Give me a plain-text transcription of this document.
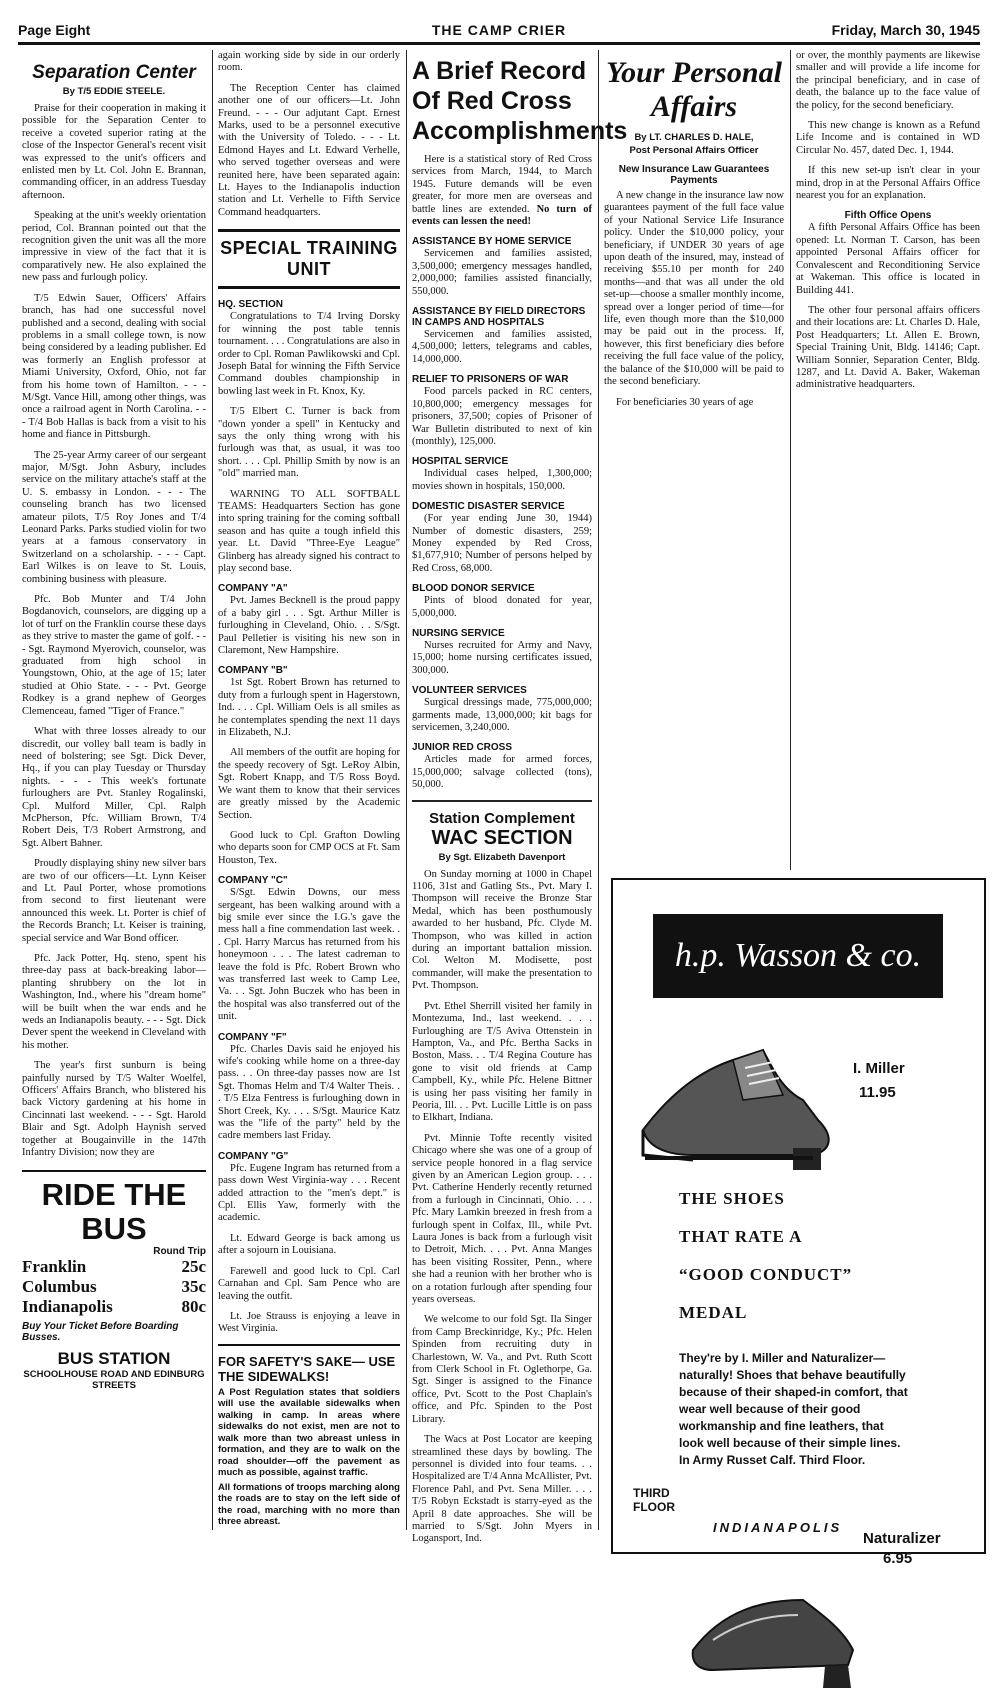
Page Eight	THE CAMP CRIER	Friday, March 30, 1945
Separation Center
By T/5 EDDIE STEELE.

Praise for their cooperation in making it possible for the Separation Center to receive a coveted superior rating at the close of the Inspector General's recent visit was expressed to the unit's officers and enlisted men by Lt. Col. John E. Brannan, commanding officer, in an address Tuesday afternoon.

Speaking at the unit's weekly orientation period, Col. Brannan pointed out that the recognition given the unit was all the more impressive in view of the fact that it is comparatively new. He also explained the new pass and furlough policy.

T/5 Edwin Sauer, Officers' Affairs branch, has had one successful novel published and a second, dealing with social problems in a small college town, is now being considered by a leading publisher. Ed was formerly an English professor at Miami University, Oxford, Ohio, not far from his home town of Hamilton. - - - M/Sgt. Vance Hill, among other things, was once a railroad agent in North Carolina. - - - T/4 Bob Hallas is back from a visit to his home and fiance in Pittsburgh.

The 25-year Army career of our sergeant major, M/Sgt. John Asbury, includes service on the military attache's staff at the U. S. embassy in London. - - - The counseling branch has two licensed amateur pilots, T/5 Roy Jones and T/4 Leonard Parks. Parks studied violin for two years at a famous conservatory in Switzerland on a scholarship. - - - Capt. Earl Wilkes is on leave to St. Louis, combining business with pleasure.

Pfc. Bob Munter and T/4 John Bogdanovich, counselors, are digging up a lot of turf on the Franklin course these days as they strive to master the game of golf. - - - Sgt. Raymond Myerovich, counselor, was graduated from high school in Youngstown, Ohio, at the age of 15; later studied at Ohio State. - - - Pvt. George Rodkey is a grand nephew of Georges Clemenceau, famed "Tiger of France."

What with three losses already to our discredit, our volley ball team is badly in need of bolstering; see Sgt. Dick Dever, Hq., if you can play Tuesday or Thursday nights. - - - This week's fortunate furloughers are Pvt. Stanley Rogalinski, Cpl. Mulford Miller, Cpl. Ralph McPherson, Pfc. William Brown, T/4 Robert Deis, T/3 Robert Armstrong, and Sgt. Albert Bahner.

Proudly displaying shiny new silver bars are two of our officers—Lt. Lynn Keiser and Lt. Paul Porter, whose promotions from second to first lieutenant were announced this week. Lt. Porter is chief of the Records Branch; Lt. Keiser is training, special service and War Bond officer.

Pfc. Jack Potter, Hq. steno, spent his three-day pass at back-breaking labor—planting shrubbery on the lot in Washington, Ind., where his "dream home" will be built when the war ends and he weds an Indianapolis beauty. - - - Sgt. Dick Dever spent the weekend in Cleveland with his mother.

The year's first sunburn is being painfully nursed by T/5 Walter Woelfel, Officers' Affairs Branch, who blistered his back Victory gardening at his home in Cincinnati last weekend. - - - Sgt. Harold Blair and Sgt. Adolph Haynish served together at Bougainville in the 147th Infantry Division; now they are

RIDE THE BUS
Round Trip
Franklin	25c
Columbus	35c
Indianapolis	80c
Buy Your Ticket Before Boarding Busses.
BUS STATION
SCHOOLHOUSE ROAD AND EDINBURG STREETS

again working side by side in our orderly room.

The Reception Center has claimed another one of our officers—Lt. John Freund. - - - Our adjutant Capt. Ernest Marks, used to be a personnel executive with the University of Toledo. - - - Lt. Edmond Hayes and Lt. Edward Verhelle, who served together overseas and were reunited here, have been separated again: Lt. Hayes to the Indianapolis induction station and Lt. Verhelle to Fifth Service Command headquarters.

SPECIAL TRAINING UNIT
HQ. SECTION

Congratulations to T/4 Irving Dorsky for winning the post table tennis tournament. . . . Congratulations are also in order to Cpl. Roman Pawlikowski and Cpl. Joseph Batal for winning the Fifth Service Command doubles championship in bowling last week in Ft. Knox, Ky.

T/5 Elbert C. Turner is back from "down yonder a spell" in Kentucky and says the only thing wrong with his furlough was that, as usual, it was too short. . . . Cpl. Phillip Smith by now is an "old" married man.

WARNING TO ALL SOFTBALL TEAMS: Headquarters Section has gone into spring training for the coming softball season and has quite a tough infield this year. Lt. David "Three-Eye League" Glinberg has already signed his contract to play second base.

COMPANY "A"

Pvt. James Becknell is the proud pappy of a baby girl . . . Sgt. Arthur Miller is furloughing in Cleveland, Ohio. . . S/Sgt. Paul Pelletier is visiting his new son in Claremont, New Hampshire.

COMPANY "B"

1st Sgt. Robert Brown has returned to duty from a furlough spent in Hagerstown, Ind. . . . Cpl. William Oels is all smiles as he contemplates spending the next 11 days in Elizabeth, N.J.

All members of the outfit are hoping for the speedy recovery of Sgt. LeRoy Albin, Sgt. Robert Knapp, and T/5 Ross Boyd. We want them to know that their services are greatly missed by the Academic Section.

Good luck to Cpl. Grafton Dowling who departs soon for CMP OCS at Ft. Sam Houston, Tex.

COMPANY "C"

S/Sgt. Edwin Downs, our mess sergeant, has been walking around with a big smile ever since the I.G.'s gave the mess hall a fine commendation last week. . . Cpl. Harry Marcus has returned from his honeymoon . . . The latest cadreman to leave the fold is Pfc. Robert Brown who was transferred last week to Camp Lee, Va. . . Sgt. John Buczek who has been in the hospital was also transferred out of the unit.

COMPANY "F"

Pfc. Charles Davis said he enjoyed his wife's cooking while home on a three-day pass. . . On three-day passes now are 1st Sgt. Thomas Helm and T/4 Walter Theis. . . T/5 Elza Fentress is furloughing down in Short Creek, Ky. . . . S/Sgt. Maurice Katz was the "life of the party" held by the cadre members last Friday.

COMPANY "G"

Pfc. Eugene Ingram has returned from a pass down West Virginia-way . . . Recent added attraction to the "men's dept." is Cpl. Ellis Yaw, formerly with the academic.

Lt. Edward George is back among us after a sojourn in Louisiana.

Farewell and good luck to Cpl. Carl Carnahan and Cpl. Sam Pence who are leaving the outfit.

Lt. Joe Strauss is enjoying a leave in West Virginia.

FOR SAFETY'S SAKE— USE THE SIDEWALKS!

A Post Regulation states that soldiers will use the available sidewalks when walking in camp. In areas where sidewalks do not exist, men are not to walk more than two abreast unless in formation, and they are to walk on the road shoulder—off the pavement as much as possible, against traffic.

All formations of troops marching along the roads are to stay on the left side of the road, marching with no more than three abreast.

A Brief Record Of Red Cross Accomplishments

Here is a statistical story of Red Cross services from March, 1944, to March 1945. Future demands will be even greater, for more men are overseas and battle lines are extended. No turn of events can lessen the need!

ASSISTANCE BY HOME SERVICE

Servicemen and families assisted, 3,500,000; emergency messages handled, 2,000,000; families assisted financially, 550,000.

ASSISTANCE BY FIELD DIRECTORS IN CAMPS AND HOSPITALS

Servicemen and families assisted, 4,500,000; letters, telegrams and cables, 14,000,000.

RELIEF TO PRISONERS OF WAR

Food parcels packed in RC centers, 10,800,000; emergency messages for prisoners, 37,500; copies of Prisoner of War Bulletin distributed to next of kin (monthly), 125,000.

HOSPITAL SERVICE

Individual cases helped, 1,300,000; movies shown in hospitals, 150,000.

DOMESTIC DISASTER SERVICE

(For year ending June 30, 1944) Number of domestic disasters, 259; Money expended by Red Cross, $1,677,910; Number of persons helped by Red Cross, 68,000.

BLOOD DONOR SERVICE

Pints of blood donated for year, 5,000,000.

NURSING SERVICE

Nurses recruited for Army and Navy, 15,000; home nursing certificates issued, 300,000.

VOLUNTEER SERVICES

Surgical dressings made, 775,000,000; garments made, 13,000,000; kit bags for servicemen, 3,240,000.

JUNIOR RED CROSS

Articles made for armed forces, 15,000,000; salvage collected (tons), 50,000.

Station Complement
WAC SECTION
By Sgt. Elizabeth Davenport

On Sunday morning at 1000 in Chapel 1106, 31st and Gatling Sts., Pvt. Mary I. Thompson will receive the Bronze Star Medal, which has been posthumously awarded to her husband, Pfc. Clyde M. Thompson, who was killed in action during an important battalion mission. Col. Welton M. Modisette, post commander, will make the presentation to Pvt. Thompson.

Pvt. Ethel Sherrill visited her family in Montezuma, Ind., last weekend. . . . Furloughing are T/5 Aviva Ottenstein in Hampton, Va., and Pfc. Bertha Sacks in Boston, Mass. . . T/4 Regina Couture has gone to visit old friends at Camp Campbell, Ky., while Pfc. Helene Bittner is using her pass visiting her family in Peoria, Ill. . . Pvt. Lucille Little is on pass to Elkhart, Indiana.

Pvt. Minnie Tofte recently visited Chicago where she was one of a group of service people honored in a flag service given by an American Legion group. . . . Pvt. Catherine Henderly recently returned from a furlough in Cincinnati, Ohio. . . . Pfc. Mary Lamkin breezed in fresh from a furlough spent in Colfax, Ill., while Pvt. Laura Jones is back from a furlough visit to Detroit, Mich. . . . Pvt. Anna Manges has been visiting Rossiter, Penn., where she had a reunion with her brother who is on a rotation furlough after spending four years overseas.

We welcome to our fold Sgt. Ila Singer from Camp Breckinridge, Ky.; Pfc. Helen Spinden from recruiting duty in Charlestown, W. Va., and Pvt. Ruth Scott from Clerk School in Ft. Oglethorpe, Ga. Sgt. Singer is assigned to the Finance office, Pvt. Scott to the Post Chaplain's office, and Pfc. Spinden to the Post Library.

The Wacs at Post Locator are keeping streamlined these days by bowling. The personnel is divided into four teams. . . Hospitalized are T/4 Anna McAllister, Pvt. Florence Pahl, and Pvt. Sena Miller. . . . T/5 Robyn Eckstadt is starry-eyed as the April 8 date approaches. She will be married to S/Sgt. John Myers in Logansport, Ind.

Your Personal Affairs
By LT. CHARLES D. HALE,
Post Personal Affairs Officer
New Insurance Law Guarantees Payments

A new change in the insurance law now guarantees payment of the full face value of your National Service Life Insurance policy. Under the $10,000 policy, your beneficiary, if UNDER 30 years of age upon death of the insured, may, instead of receiving $55.10 per month for 240 months—and that was all under the old set-up—choose a smaller monthly income, spread over a longer period of time—for life, even though more than the $10,000 may be paid out in the process. If, however, this first beneficiary dies before receiving the full face value of the policy, the balance of the $10,000 will be paid to the second beneficiary.

For beneficiaries 30 years of age

or over, the monthly payments are likewise smaller and will provide a life income for the principal beneficiary, and in case of death, the balance up to the face value of the policy, for the second beneficiary.

This new change is known as a Refund Life Income and is contained in WD Circular No. 457, dated Dec. 1, 1944.

If this new set-up isn't clear in your mind, drop in at the Personal Affairs Office nearest you for an explanation.

Fifth Office Opens

A fifth Personal Affairs Office has been opened: Lt. Norman T. Carson, has been appointed Personal Affairs officer for Convalescent and Reconditioning Service at Wakeman. This office is located in Building 441.

The other four personal affairs officers and their locations are: Lt. Charles D. Hale, Post Headquarters; Lt. Allen E. Brown, Special Training Unit, Bldg. 14146; Capt. William Sonnier, Separation Center, Bldg. 1287, and Lt. David A. Baker, Wakeman administrative headquarters.

h.p. Wasson & co.
I. Miller
11.95
THE SHOES
THAT RATE A
“GOOD CONDUCT”
MEDAL
They're by I. Miller and Naturalizer—naturally! Shoes that behave beautifully because of their shaped-in comfort, that wear well because of their good workmanship and fine leathers, that look well because of their simple lines. In Army Russet Calf. Third Floor.
Naturalizer
6.95
THIRD FLOOR
INDIANAPOLIS
